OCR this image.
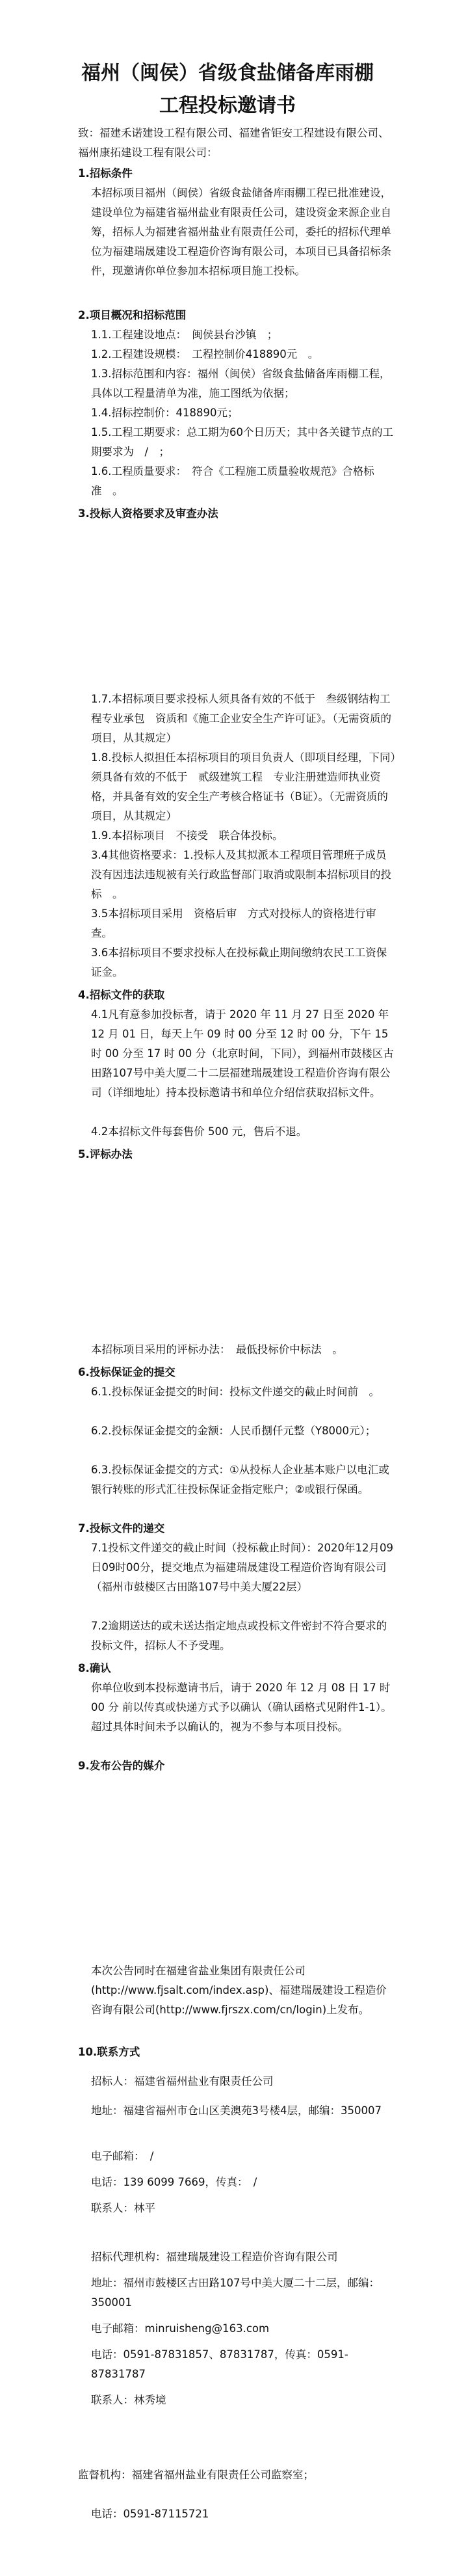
福州（闽侯）省级食盐储备库雨棚
工程投标邀请书
致：福建禾诺建设工程有限公司、福建省钜安工程建设有限公司、福州康拓建设工程有限公司：
1.招标条件
本招标项目福州（闽侯）省级食盐储备库雨棚工程已批准建设，建设单位为福建省福州盐业有限责任公司，建设资金来源企业自筹，招标人为福建省福州盐业有限责任公司，委托的招标代理单位为福建瑞晟建设工程造价咨询有限公司，本项目已具备招标条件，现邀请你单位参加本招标项目施工投标。
2.项目概况和招标范围
1.1.工程建设地点：　闽侯县台沙镇　；
1.2.工程建设规模：　工程控制价418890元　。
1.3.招标范围和内容：福州（闽侯）省级食盐储备库雨棚工程，具体以工程量清单为准，施工图纸为依据；
1.4.招标控制价：418890元；
1.5.工程工期要求：总工期为60个日历天；其中各关键节点的工期要求为　/　；
1.6.工程质量要求：　符合《工程施工质量验收规范》合格标准　。
3.投标人资格要求及审查办法
1.7.本招标项目要求投标人须具备有效的不低于　叁级钢结构工程专业承包　资质和《施工企业安全生产许可证》。（无需资质的项目，从其规定）
1.8.投标人拟担任本招标项目的项目负责人（即项目经理，下同）须具备有效的不低于　贰级建筑工程　专业注册建造师执业资格，并具备有效的安全生产考核合格证书（B证）。（无需资质的项目，从其规定）
1.9.本招标项目　不接受　联合体投标。
3.4其他资格要求：1.投标人及其拟派本工程项目管理班子成员没有因违法违规被有关行政监督部门取消或限制本招标项目的投标　。
3.5本招标项目采用　资格后审　方式对投标人的资格进行审查。
3.6本招标项目不要求投标人在投标截止期间缴纳农民工工资保证金。
4.招标文件的获取
4.1凡有意参加投标者，请于 2020 年 11 月 27 日至 2020 年 12 月 01 日，每天上午 09 时 00 分至 12 时 00 分，下午 15 时 00 分至 17 时 00 分（北京时间，下同），到福州市鼓楼区古田路107号中美大厦二十二层福建瑞晟建设工程造价咨询有限公司（详细地址）持本投标邀请书和单位介绍信获取招标文件。
4.2本招标文件每套售价 500 元，售后不退。
5.评标办法
本招标项目采用的评标办法：　最低投标价中标法　。
6.投标保证金的提交
6.1.投标保证金提交的时间：投标文件递交的截止时间前　。
6.2.投标保证金提交的金额：人民币捌仟元整（Y8000元）；
6.3.投标保证金提交的方式：①从投标人企业基本账户以电汇或银行转账的形式汇往投标保证金指定账户；②或银行保函。
7.投标文件的递交
7.1投标文件递交的截止时间（投标截止时间）：2020年12月09日09时00分，提交地点为福建瑞晟建设工程造价咨询有限公司（福州市鼓楼区古田路107号中美大厦22层）
7.2逾期送达的或未送达指定地点或投标文件密封不符合要求的投标文件，招标人不予受理。
8.确认
你单位收到本投标邀请书后，请于 2020 年 12 月 08 日 17 时 00 分 前以传真或快递方式予以确认（确认函格式见附件1-1）。超过具体时间未予以确认的，视为不参与本项目投标。
9.发布公告的媒介
本次公告同时在福建省盐业集团有限责任公司(http://www.fjsalt.com/index.asp)、福建瑞晟建设工程造价咨询有限公司(http://www.fjrszx.com/cn/login)上发布。
10.联系方式
招标人：福建省福州盐业有限责任公司
地址：福建省福州市仓山区美澳苑3号楼4层，邮编：350007
电子邮箱：　/　
电话：139 6099 7669，传真：　/　
联系人：林平
招标代理机构：福建瑞晟建设工程造价咨询有限公司
地址：福州市鼓楼区古田路107号中美大厦二十二层，邮编：350001
电子邮箱：minruisheng@163.com
电话：0591-87831857、87831787，传真：0591-87831787
联系人：林秀境
监督机构：福建省福州盐业有限责任公司监察室；
电话：0591-87115721
